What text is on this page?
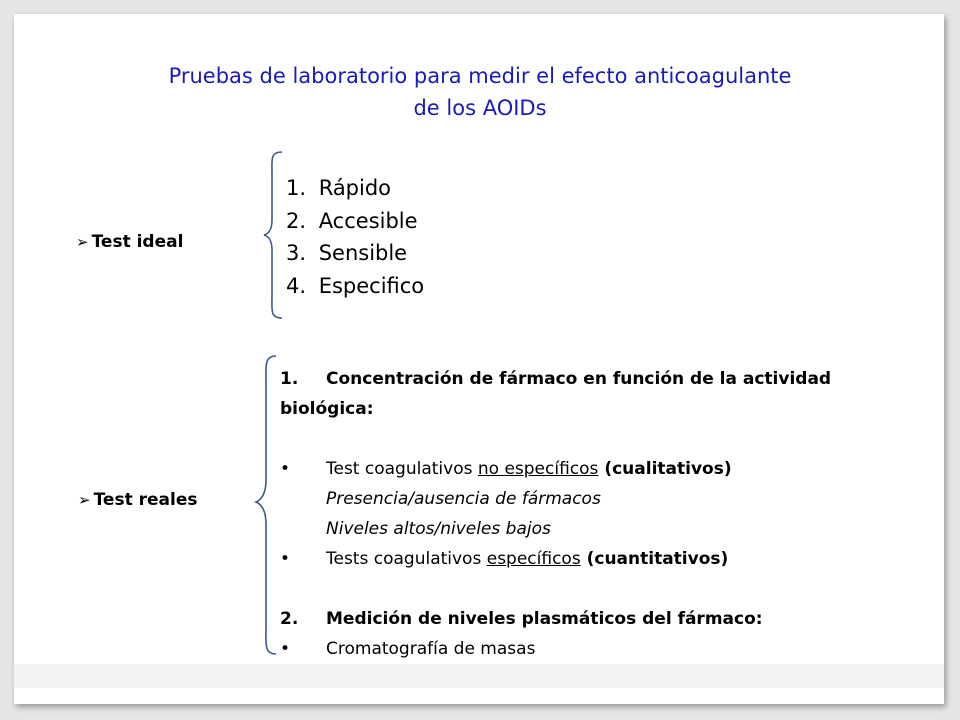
Pruebas de laboratorio para medir el efecto anticoagulante
de los AOIDs
➢ Test ideal
1. Rápido
2. Accesible
3. Sensible
4. Especifico
➢ Test reales
1. Concentración de fármaco en función de la actividad
biológica:
• Test coagulativos no específicos (cualitativos)
Presencia/ausencia de fármacos
Niveles altos/niveles bajos
• Tests coagulativos específicos (cuantitativos)
2. Medición de niveles plasmáticos del fármaco:
• Cromatografía de masas
